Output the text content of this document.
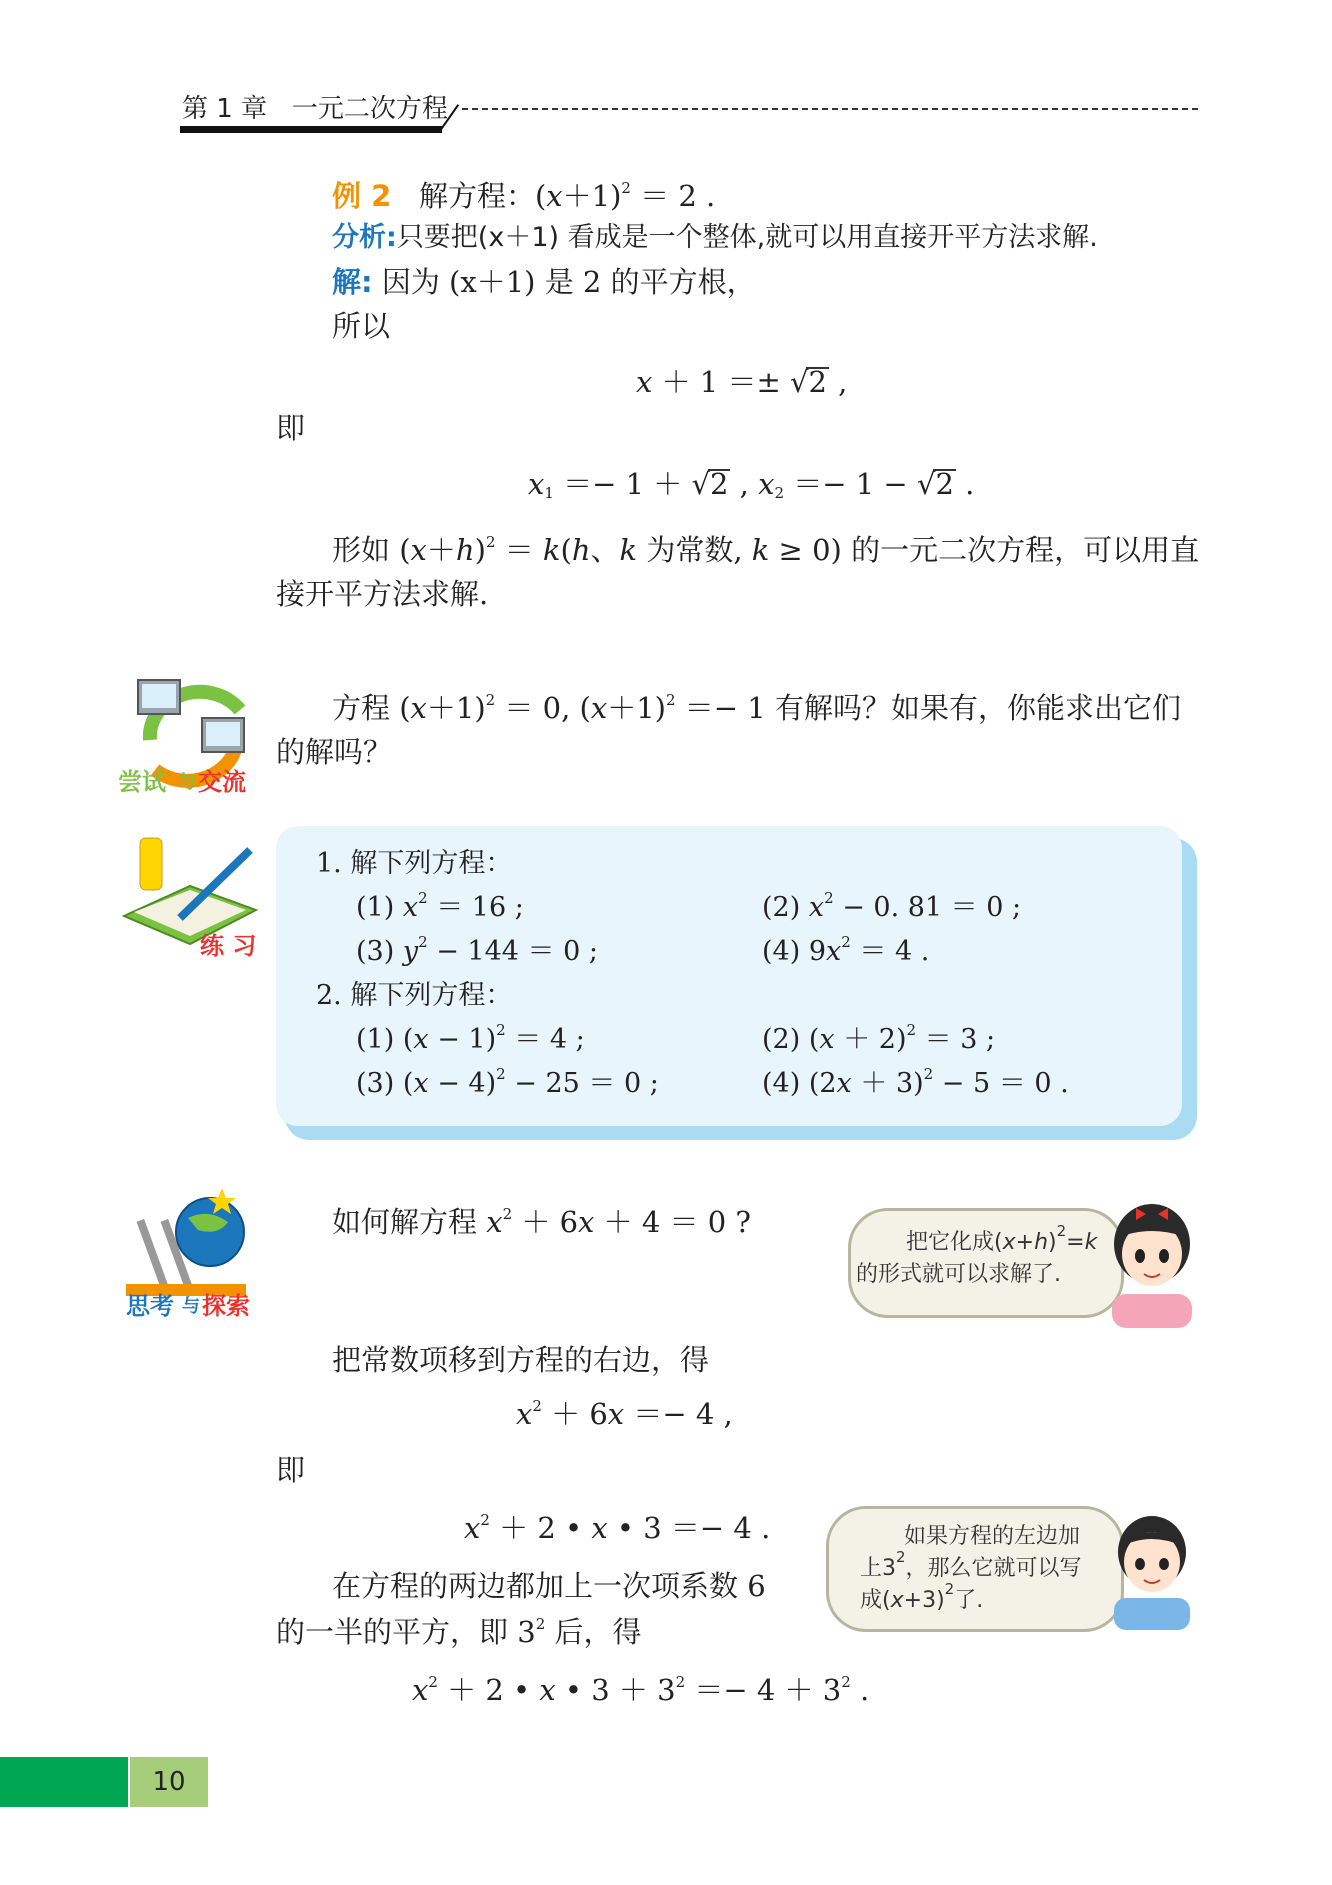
第 1 章 一元二次方程
例 2 解方程：$(x+1)^2 = 2$ .
分析:只要把(x＋1) 看成是一个整体,就可以用直接开平方法求解.
解: 因为 (x＋1) 是 2 的平方根，
所以
x ＋ 1 ＝± √2 ,
即
$x_1 =- 1 + √2$ , $x_2 =- 1 - √2$ .
形如 $(x+h)^2 = k(h$、k 为常数, k ≥ 0) 的一元二次方程，可以用直
接开平方法求解.
尝试 与 交流
方程 $(x+1)^2 = 0$, $(x+1)^2 =- 1$ 有解吗？如果有，你能求出它们
的解吗？
练 习
1. 解下列方程：
(1) $x^2 = 16$ ;	(2) $x^2 - 0$. 81 ＝ 0 ;
(3) $y^2 - 144 = 0$ ;	(4) $9x^2 = 4$ .
2. 解下列方程：
(1) $(x - 1)^2 = 4$ ;	(2) $(x + 2)^2 = 3$ ;
(3) $(x - 4)^2 - 25 = 0$ ;	(4) $(2x + 3)^2 - 5 = 0$ .
思考 与 探索
如何解方程 $x^2 + 6x + 4 = 0$ ?
把它化成$(x+h)^2=k$
的形式就可以求解了.
把常数项移到方程的右边，得
$x^2 + 6x =- 4$ ,
即
$x^2 + 2$ • x • 3 ＝− 4 .	如果方程的左边加
上$3^2$，那么它就可以写
成$(x+3)^2$了.
在方程的两边都加上一次项系数 6
的一半的平方，即 $3^2$ 后，得
$x^2 + 2$ • x • $3 + 3^2 =- 4 + 3^2$ .
10
